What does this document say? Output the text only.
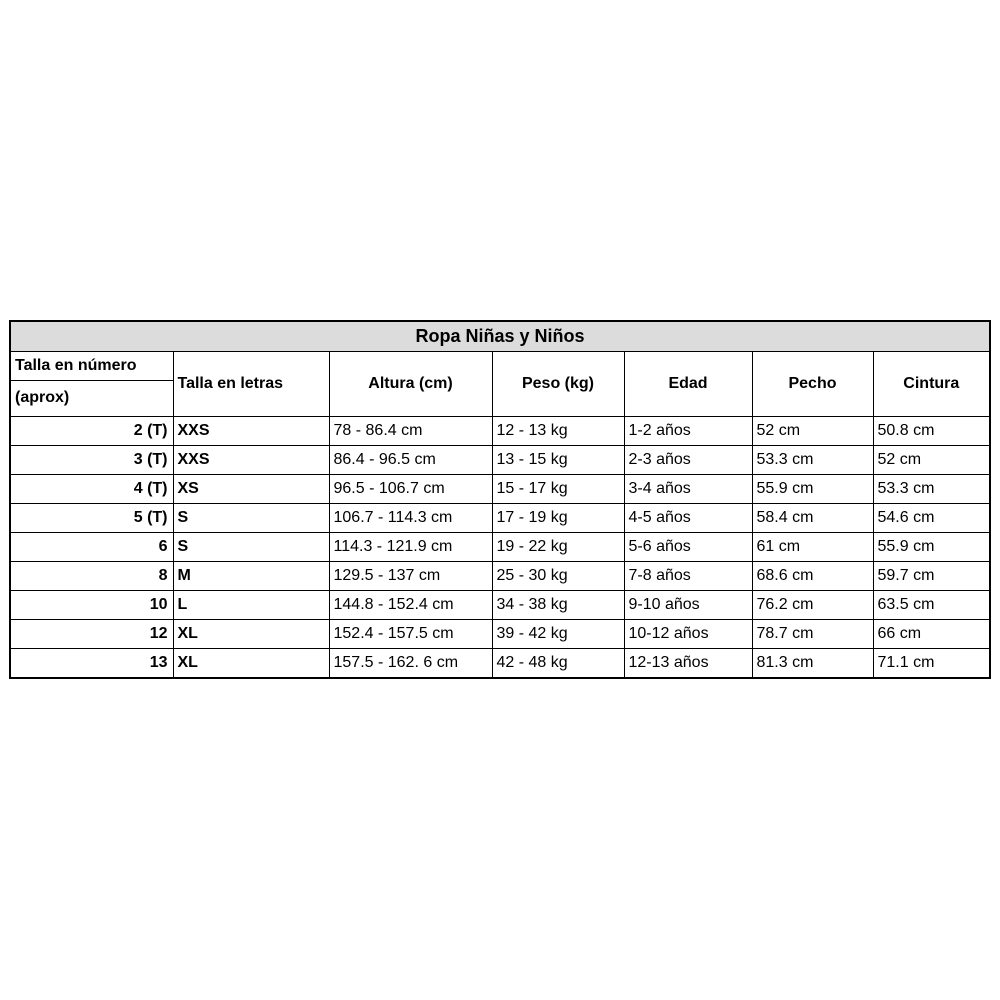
Ropa Niñas y Niños						
Talla en número	Talla en letras	Altura (cm)	Peso (kg)	Edad	Pecho	Cintura
(aprox)						
2 (T)	XXS	78 - 86.4 cm	12 - 13 kg	1-2 años	52 cm	50.8 cm
3 (T)	XXS	86.4 - 96.5 cm	13 - 15 kg	2-3 años	53.3 cm	52 cm
4 (T)	XS	96.5 - 106.7 cm	15 - 17 kg	3-4 años	55.9 cm	53.3 cm
5 (T)	S	106.7 - 114.3 cm	17 - 19 kg	4-5 años	58.4 cm	54.6 cm
6	S	114.3 - 121.9 cm	19 - 22 kg	5-6 años	61 cm	55.9 cm
8	M	129.5 - 137 cm	25 - 30 kg	7-8 años	68.6 cm	59.7 cm
10	L	144.8 - 152.4 cm	34 - 38 kg	9-10 años	76.2 cm	63.5 cm
12	XL	152.4 - 157.5 cm	39 - 42 kg	10-12 años	78.7 cm	66 cm
13	XL	157.5 - 162. 6 cm	42 - 48 kg	12-13 años	81.3 cm	71.1 cm
